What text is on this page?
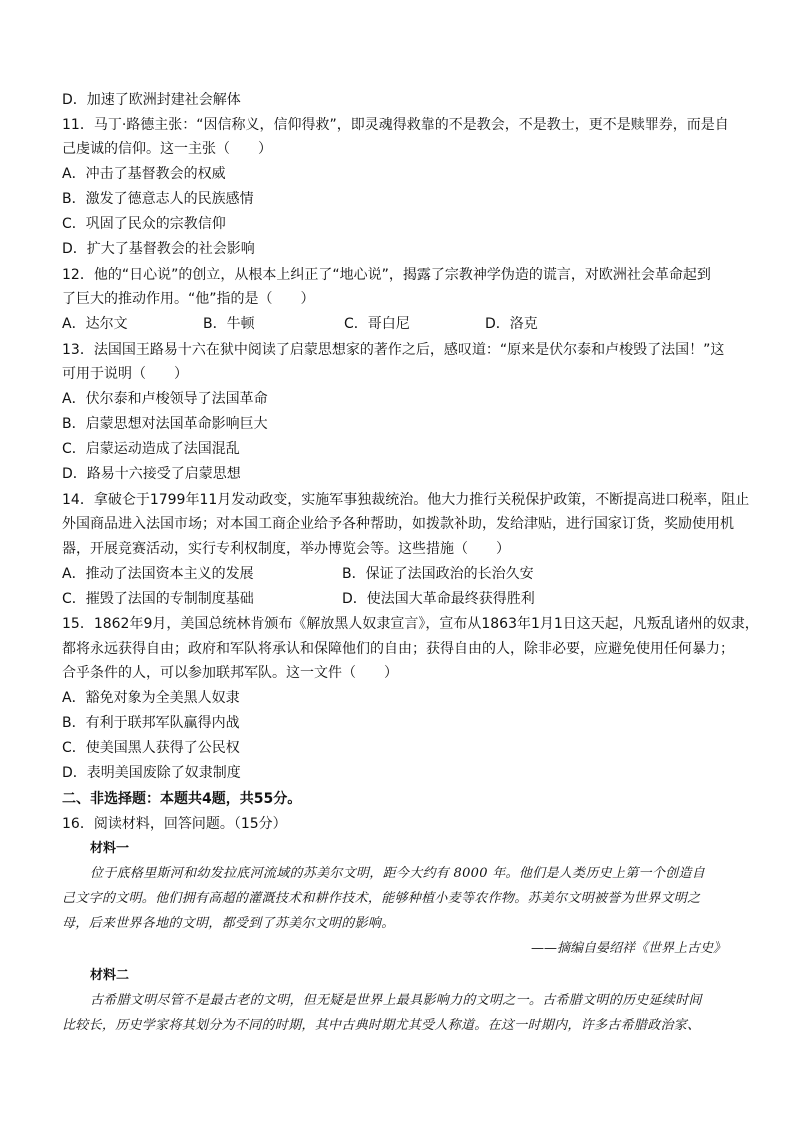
D．加速了欧洲封建社会解体
11．马丁·路德主张：“因信称义，信仰得救”，即灵魂得救靠的不是教会，不是教士，更不是赎罪券，而是自
己虔诚的信仰。这一主张（　　）
A．冲击了基督教会的权威
B．激发了德意志人的民族感情
C．巩固了民众的宗教信仰
D．扩大了基督教会的社会影响
12．他的“日心说”的创立，从根本上纠正了“地心说”，揭露了宗教神学伪造的谎言，对欧洲社会革命起到
了巨大的推动作用。“他”指的是（　　）
A．达尔文	B．牛顿	C．哥白尼	D．洛克
13．法国国王路易十六在狱中阅读了启蒙思想家的著作之后，感叹道：“原来是伏尔泰和卢梭毁了法国！”这
可用于说明（　　）
A．伏尔泰和卢梭领导了法国革命
B．启蒙思想对法国革命影响巨大
C．启蒙运动造成了法国混乱
D．路易十六接受了启蒙思想
14．拿破仑于1799年11月发动政变，实施军事独裁统治。他大力推行关税保护政策，不断提高进口税率，阻止
外国商品进入法国市场；对本国工商企业给予各种帮助，如拨款补助，发给津贴，进行国家订货，奖励使用机
器，开展竞赛活动，实行专利权制度，举办博览会等。这些措施（　　）
A．推动了法国资本主义的发展	B．保证了法国政治的长治久安
C．摧毁了法国的专制制度基础	D．使法国大革命最终获得胜利
15．1862年9月，美国总统林肯颁布《解放黑人奴隶宣言》，宣布从1863年1月1日这天起，凡叛乱诸州的奴隶，
都将永远获得自由；政府和军队将承认和保障他们的自由；获得自由的人，除非必要，应避免使用任何暴力；
合乎条件的人，可以参加联邦军队。这一文件（　　）
A．豁免对象为全美黑人奴隶
B．有利于联邦军队赢得内战
C．使美国黑人获得了公民权
D．表明美国废除了奴隶制度
二、非选择题：本题共4题，共55分。
16．阅读材料，回答问题。（15分）
材料一
位于底格里斯河和幼发拉底河流域的苏美尔文明，距今大约有 8000 年。他们是人类历史上第一个创造自
己文字的文明。他们拥有高超的灌溉技术和耕作技术，能够种植小麦等农作物。苏美尔文明被誉为世界文明之
母，后来世界各地的文明，都受到了苏美尔文明的影响。
——摘编自晏绍祥《世界上古史》
材料二
古希腊文明尽管不是最古老的文明，但无疑是世界上最具影响力的文明之一。古希腊文明的历史延续时间
比较长，历史学家将其划分为不同的时期，其中古典时期尤其受人称道。在这一时期内，许多古希腊政治家、
